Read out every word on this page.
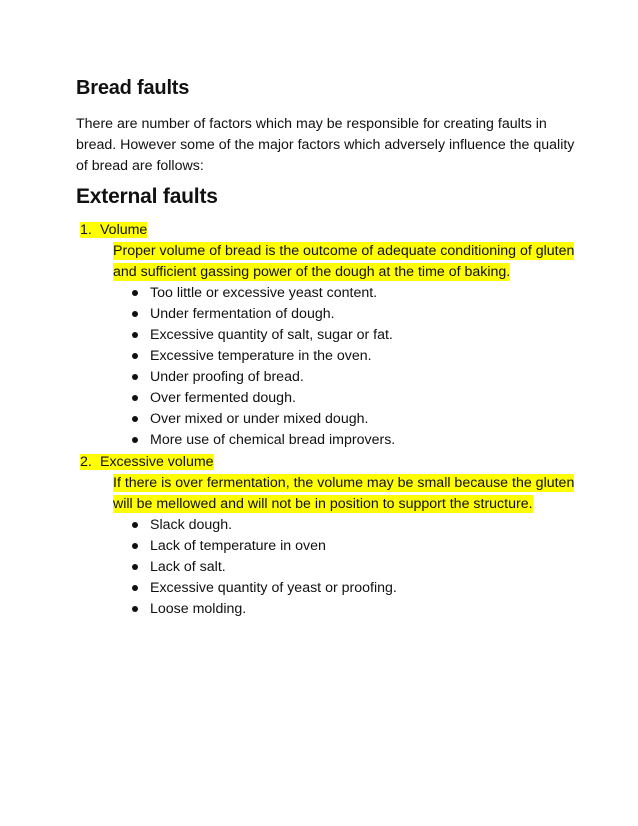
Bread faults
There are number of factors which may be responsible for creating faults in
bread. However some of the major factors which adversely influence the quality
of bread are follows:
External faults
1. Volume
Proper volume of bread is the outcome of adequate conditioning of gluten
and sufficient gassing power of the dough at the time of baking.
Too little or excessive yeast content.
Under fermentation of dough.
Excessive quantity of salt, sugar or fat.
Excessive temperature in the oven.
Under proofing of bread.
Over fermented dough.
Over mixed or under mixed dough.
More use of chemical bread improvers.
2. Excessive volume
If there is over fermentation, the volume may be small because the gluten
will be mellowed and will not be in position to support the structure.
Slack dough.
Lack of temperature in oven
Lack of salt.
Excessive quantity of yeast or proofing.
Loose molding.
